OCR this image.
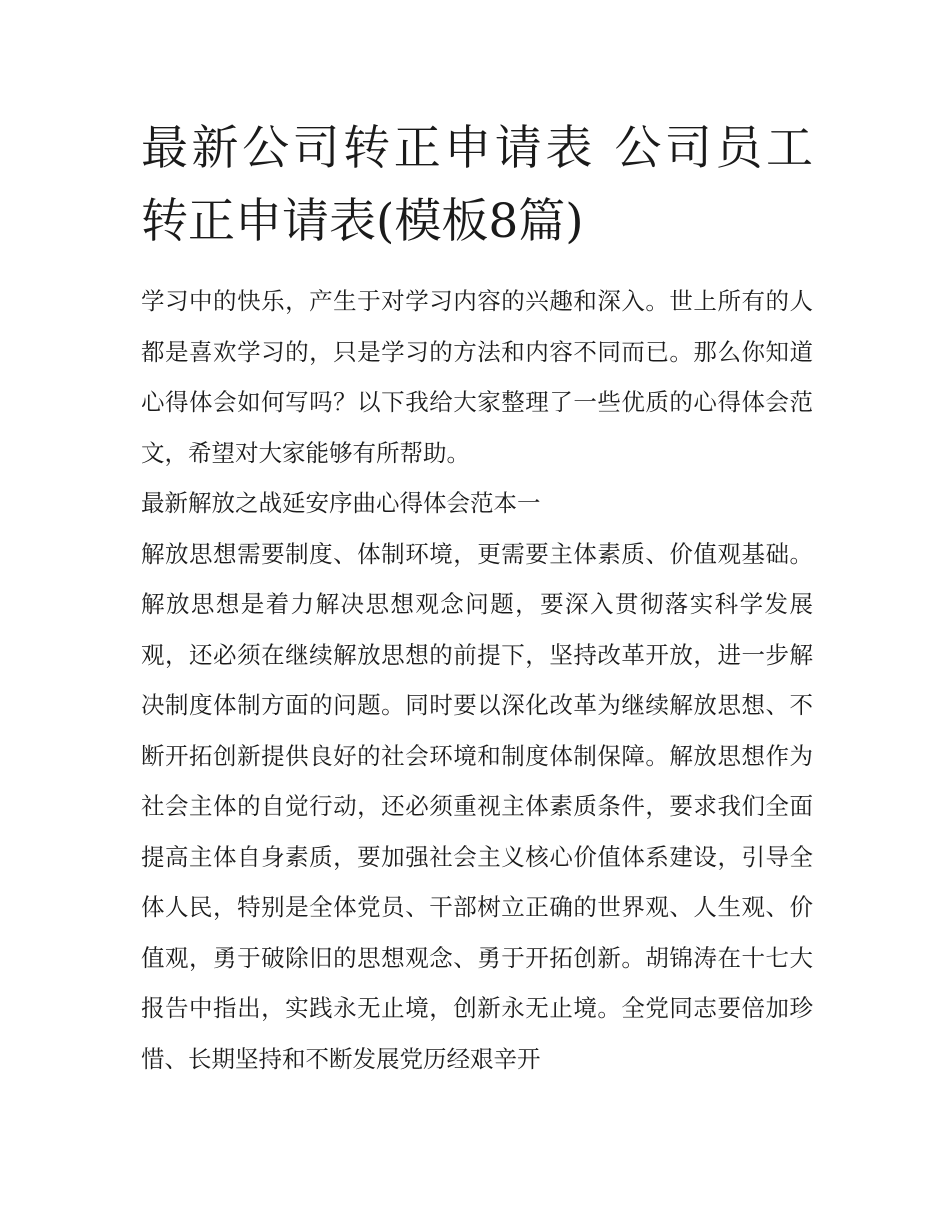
最新公司转正申请表 公司员工转正申请表(模板8篇)

学习中的快乐，产生于对学习内容的兴趣和深入。世上所有的人都是喜欢学习的，只是学习的方法和内容不同而已。那么你知道心得体会如何写吗？以下我给大家整理了一些优质的心得体会范文，希望对大家能够有所帮助。

最新解放之战延安序曲心得体会范本一

解放思想需要制度、体制环境，更需要主体素质、价值观基础。解放思想是着力解决思想观念问题，要深入贯彻落实科学发展观，还必须在继续解放思想的前提下，坚持改革开放，进一步解决制度体制方面的问题。同时要以深化改革为继续解放思想、不断开拓创新提供良好的社会环境和制度体制保障。解放思想作为社会主体的自觉行动，还必须重视主体素质条件，要求我们全面提高主体自身素质，要加强社会主义核心价值体系建设，引导全体人民，特别是全体党员、干部树立正确的世界观、人生观、价值观，勇于破除旧的思想观念、勇于开拓创新。胡锦涛在十七大报告中指出，实践永无止境，创新永无止境。全党同志要倍加珍惜、长期坚持和不断发展党历经艰辛开
